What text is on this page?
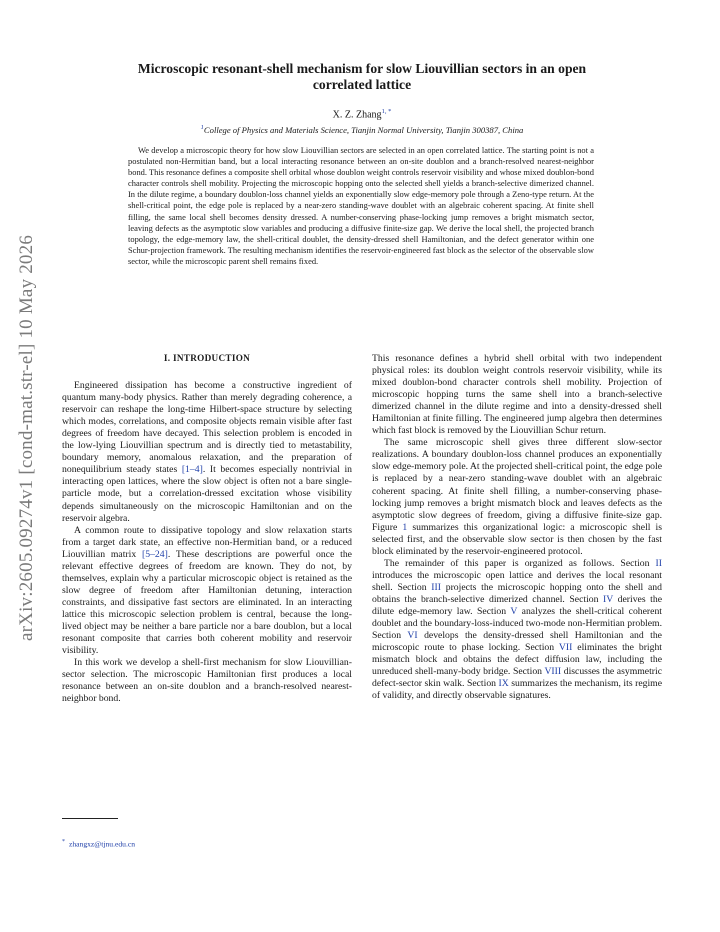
arXiv:2605.09274v1 [cond-mat.str-el] 10 May 2026
Microscopic resonant-shell mechanism for slow Liouvillian sectors in an open
correlated lattice
X. Z. Zhang$^{1, *}$
$^1$College of Physics and Materials Science, Tianjin Normal University, Tianjin 300387, China
We develop a microscopic theory for how slow Liouvillian sectors are selected in an open correlated lattice. The starting point is not a postulated non-Hermitian band, but a local interacting resonance between an on-site doublon and a branch-resolved nearest-neighbor bond. This resonance defines a composite shell orbital whose doublon weight controls reservoir visibility and whose mixed doublon-bond character controls shell mobility. Projecting the microscopic hopping onto the selected shell yields a branch-selective dimerized channel. In the dilute regime, a boundary doublon-loss channel yields an exponentially slow edge-memory pole through a Zeno-type return. At the shell-critical point, the edge pole is replaced by a near-zero standing-wave doublet with an algebraic coherent spacing. At finite shell filling, the same local shell becomes density dressed. A number-conserving phase-locking jump removes a bright mismatch sector, leaving defects as the asymptotic slow variables and producing a diffusive finite-size gap. We derive the local shell, the projected branch topology, the edge-memory law, the shell-critical doublet, the density-dressed shell Hamiltonian, and the defect generator within one Schur-projection framework. The resulting mechanism identifies the reservoir-engineered fast block as the selector of the observable slow sector, while the microscopic parent shell remains fixed.

I. INTRODUCTION

Engineered dissipation has become a constructive ingredient of quantum many-body physics. Rather than merely degrading coherence, a reservoir can reshape the long-time Hilbert-space structure by selecting which modes, correlations, and composite objects remain visible after fast degrees of freedom have decayed. This selection problem is encoded in the low-lying Liouvillian spectrum and is directly tied to metastability, boundary memory, anomalous relaxation, and the preparation of nonequilibrium steady states [1–4]. It becomes especially nontrivial in interacting open lattices, where the slow object is often not a bare single-particle mode, but a correlation-dressed excitation whose visibility depends simultaneously on the microscopic Hamiltonian and on the reservoir algebra.

A common route to dissipative topology and slow relaxation starts from a target dark state, an effective non-Hermitian band, or a reduced Liouvillian matrix [5–24]. These descriptions are powerful once the relevant effective degrees of freedom are known. They do not, by themselves, explain why a particular microscopic object is retained as the slow degree of freedom after Hamiltonian detuning, interaction constraints, and dissipative fast sectors are eliminated. In an interacting lattice this microscopic selection problem is central, because the long-lived object may be neither a bare particle nor a bare doublon, but a local resonant composite that carries both coherent mobility and reservoir visibility.

In this work we develop a shell-first mechanism for slow Liouvillian-sector selection. The microscopic Hamiltonian first produces a local resonance between an on-site doublon and a branch-resolved nearest-neighbor bond.

This resonance defines a hybrid shell orbital with two independent physical roles: its doublon weight controls reservoir visibility, while its mixed doublon-bond character controls shell mobility. Projection of microscopic hopping turns the same shell into a branch-selective dimerized channel in the dilute regime and into a density-dressed shell Hamiltonian at finite filling. The engineered jump algebra then determines which fast block is removed by the Liouvillian Schur return.

The same microscopic shell gives three different slow-sector realizations. A boundary doublon-loss channel produces an exponentially slow edge-memory pole. At the projected shell-critical point, the edge pole is replaced by a near-zero standing-wave doublet with an algebraic coherent spacing. At finite shell filling, a number-conserving phase-locking jump removes a bright mismatch block and leaves defects as the asymptotic slow degrees of freedom, giving a diffusive finite-size gap. Figure 1 summarizes this organizational logic: a microscopic shell is selected first, and the observable slow sector is then chosen by the fast block eliminated by the reservoir-engineered protocol.

The remainder of this paper is organized as follows. Section II introduces the microscopic open lattice and derives the local resonant shell. Section III projects the microscopic hopping onto the shell and obtains the branch-selective dimerized channel. Section IV derives the dilute edge-memory law. Section V analyzes the shell-critical coherent doublet and the boundary-loss-induced two-mode non-Hermitian problem. Section VI develops the density-dressed shell Hamiltonian and the microscopic route to phase locking. Section VII eliminates the bright mismatch block and obtains the defect diffusion law, including the unreduced shell-many-body bridge. Section VIII discusses the asymmetric defect-sector skin walk. Section IX summarizes the mechanism, its regime of validity, and directly observable signatures.

* zhangxz@tjnu.edu.cn
